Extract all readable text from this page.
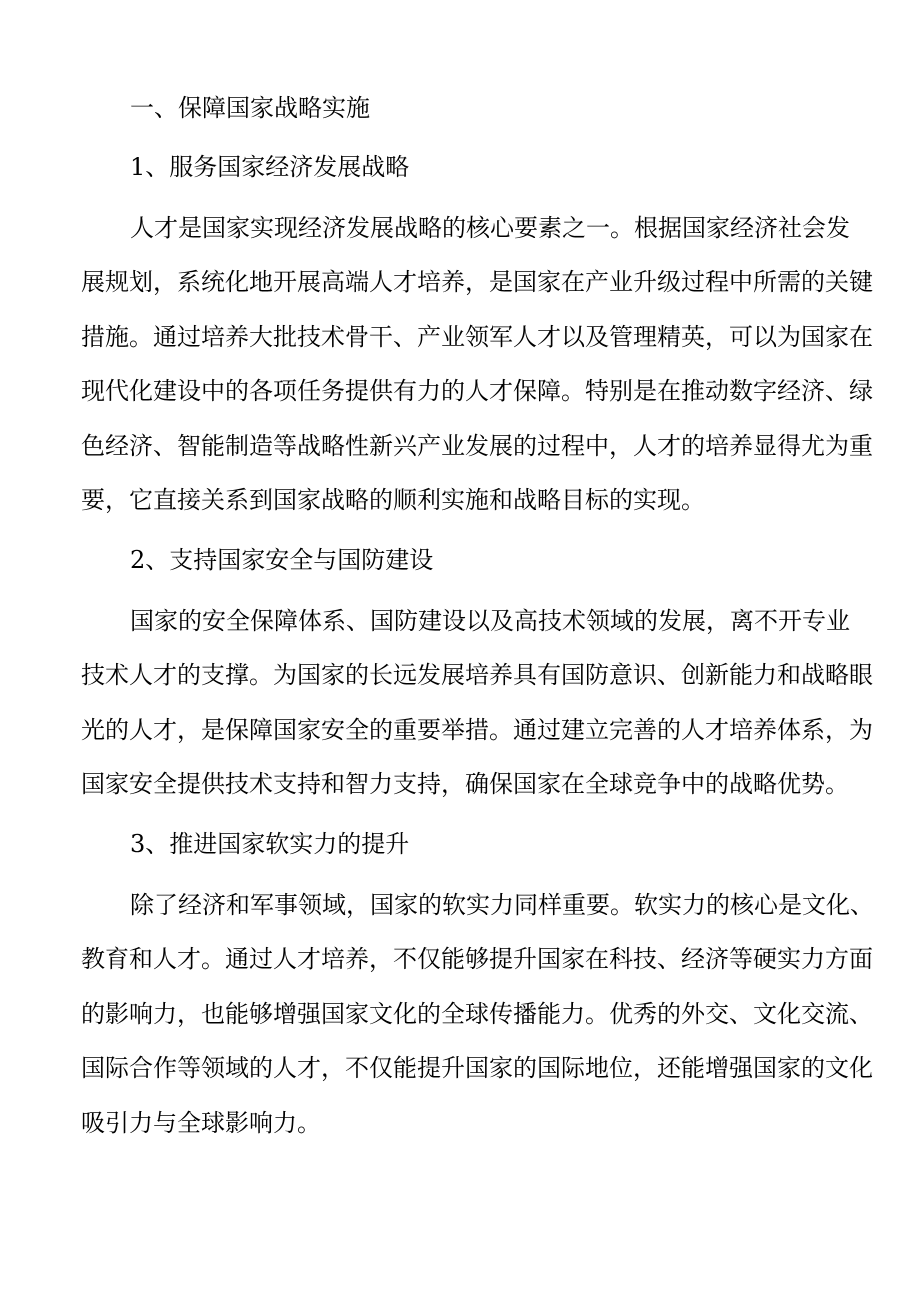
一、保障国家战略实施
1、服务国家经济发展战略
人才是国家实现经济发展战略的核心要素之一。根据国家经济社会发
展规划，系统化地开展高端人才培养，是国家在产业升级过程中所需的关键
措施。通过培养大批技术骨干、产业领军人才以及管理精英，可以为国家在
现代化建设中的各项任务提供有力的人才保障。特别是在推动数字经济、绿
色经济、智能制造等战略性新兴产业发展的过程中，人才的培养显得尤为重
要，它直接关系到国家战略的顺利实施和战略目标的实现。
2、支持国家安全与国防建设
国家的安全保障体系、国防建设以及高技术领域的发展，离不开专业
技术人才的支撑。为国家的长远发展培养具有国防意识、创新能力和战略眼
光的人才，是保障国家安全的重要举措。通过建立完善的人才培养体系，为
国家安全提供技术支持和智力支持，确保国家在全球竞争中的战略优势。
3、推进国家软实力的提升
除了经济和军事领域，国家的软实力同样重要。软实力的核心是文化、
教育和人才。通过人才培养，不仅能够提升国家在科技、经济等硬实力方面
的影响力，也能够增强国家文化的全球传播能力。优秀的外交、文化交流、
国际合作等领域的人才，不仅能提升国家的国际地位，还能增强国家的文化
吸引力与全球影响力。
